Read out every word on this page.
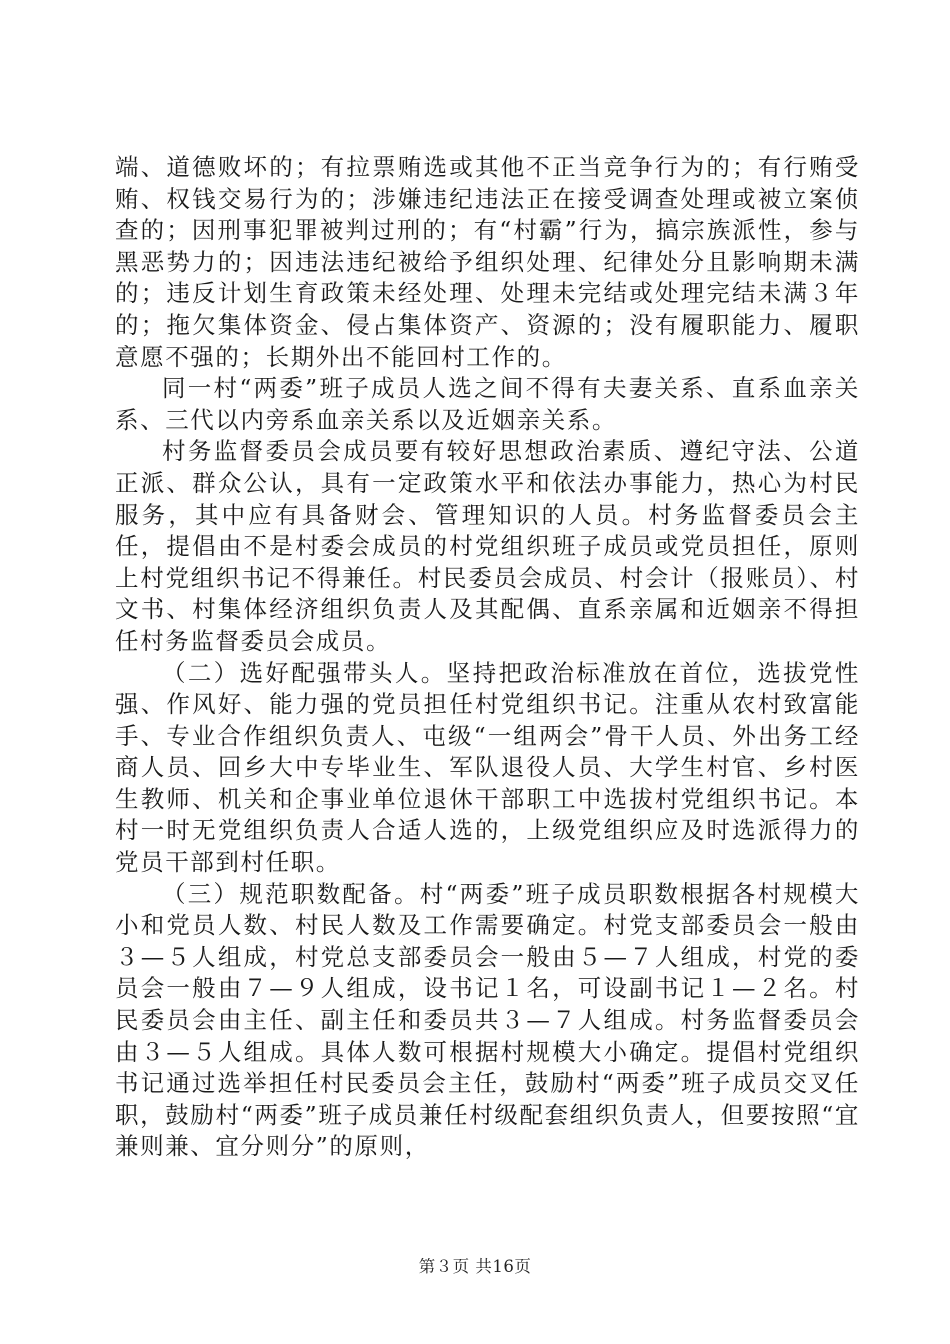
端、道德败坏的；有拉票贿选或其他不正当竞争行为的；有行贿受贿、权钱交易行为的；涉嫌违纪违法正在接受调查处理或被立案侦查的；因刑事犯罪被判过刑的；有“村霸”行为，搞宗族派性，参与黑恶势力的；因违法违纪被给予组织处理、纪律处分且影响期未满的；违反计划生育政策未经处理、处理未完结或处理完结未满３年的；拖欠集体资金、侵占集体资产、资源的；没有履职能力、履职意愿不强的；长期外出不能回村工作的。

同一村“两委”班子成员人选之间不得有夫妻关系、直系血亲关系、三代以内旁系血亲关系以及近姻亲关系。

村务监督委员会成员要有较好思想政治素质、遵纪守法、公道正派、群众公认，具有一定政策水平和依法办事能力，热心为村民服务，其中应有具备财会、管理知识的人员。村务监督委员会主任，提倡由不是村委会成员的村党组织班子成员或党员担任，原则上村党组织书记不得兼任。村民委员会成员、村会计（报账员）、村文书、村集体经济组织负责人及其配偶、直系亲属和近姻亲不得担任村务监督委员会成员。

（二）选好配强带头人。坚持把政治标准放在首位，选拔党性强、作风好、能力强的党员担任村党组织书记。注重从农村致富能手、专业合作组织负责人、屯级“一组两会”骨干人员、外出务工经商人员、回乡大中专毕业生、军队退役人员、大学生村官、乡村医生教师、机关和企事业单位退休干部职工中选拔村党组织书记。本村一时无党组织负责人合适人选的，上级党组织应及时选派得力的党员干部到村任职。

（三）规范职数配备。村“两委”班子成员职数根据各村规模大小和党员人数、村民人数及工作需要确定。村党支部委员会一般由３—５人组成，村党总支部委员会一般由５—７人组成，村党的委员会一般由７—９人组成，设书记１名，可设副书记１—２名。村民委员会由主任、副主任和委员共３—７人组成。村务监督委员会由３—５人组成。具体人数可根据村规模大小确定。提倡村党组织书记通过选举担任村民委员会主任，鼓励村“两委”班子成员交叉任职，鼓励村“两委”班子成员兼任村级配套组织负责人，但要按照“宜兼则兼、宜分则分”的原则，

第３页 共16页
